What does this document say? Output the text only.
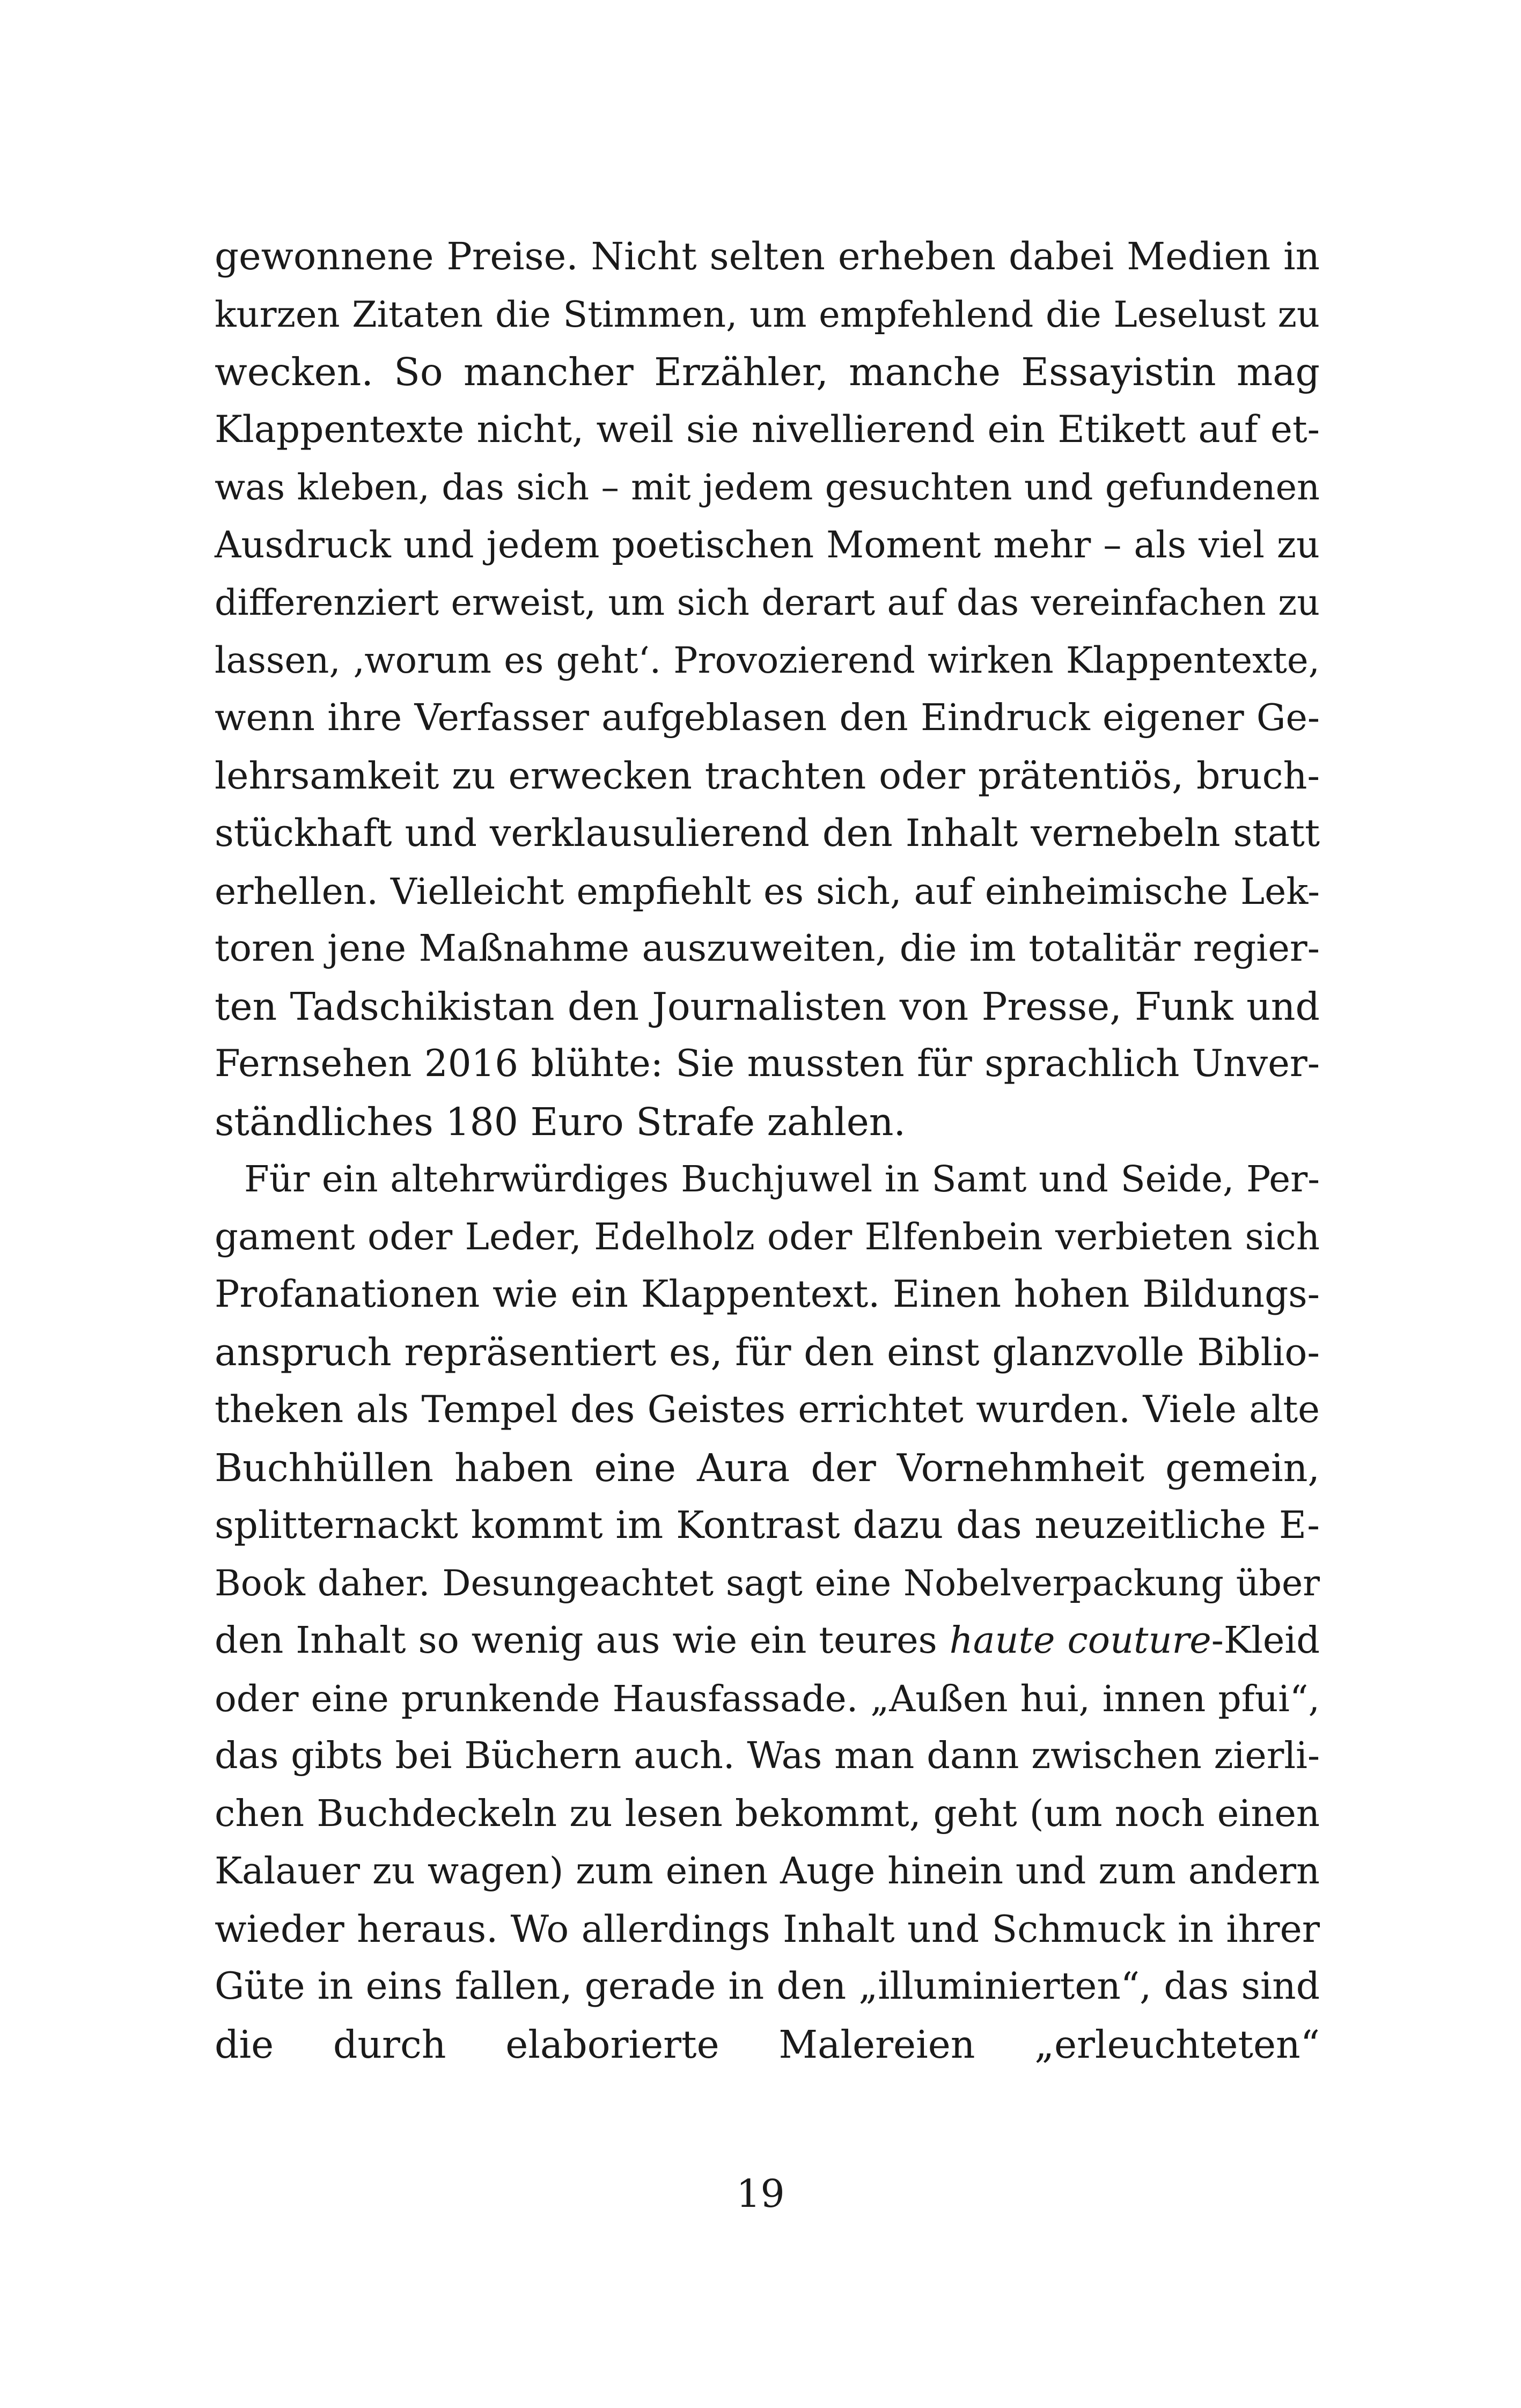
gewonnene Preise. Nicht selten erheben dabei Medien in
kurzen Zitaten die Stimmen, um empfehlend die Leselust zu
wecken. So mancher Erzähler, manche Essayistin mag
Klappentexte nicht, weil sie nivellierend ein Etikett auf et-
was kleben, das sich – mit jedem gesuchten und gefundenen
Ausdruck und jedem poetischen Moment mehr – als viel zu
differenziert erweist, um sich derart auf das vereinfachen zu
lassen, ‚worum es geht‘. Provozierend wirken Klappentexte,
wenn ihre Verfasser aufgeblasen den Eindruck eigener Ge-
lehrsamkeit zu erwecken trachten oder prätentiös, bruch-
stückhaft und verklausulierend den Inhalt vernebeln statt
erhellen. Vielleicht empfiehlt es sich, auf einheimische Lek-
toren jene Maßnahme auszuweiten, die im totalitär regier-
ten Tadschikistan den Journalisten von Presse, Funk und
Fernsehen 2016 blühte: Sie mussten für sprachlich Unver-
ständliches 180 Euro Strafe zahlen.
Für ein altehrwürdiges Buchjuwel in Samt und Seide, Per-
gament oder Leder, Edelholz oder Elfenbein verbieten sich
Profanationen wie ein Klappentext. Einen hohen Bildungs-
anspruch repräsentiert es, für den einst glanzvolle Biblio-
theken als Tempel des Geistes errichtet wurden. Viele alte
Buchhüllen haben eine Aura der Vornehmheit gemein,
splitternackt kommt im Kontrast dazu das neuzeitliche E-
Book daher. Desungeachtet sagt eine Nobelverpackung über
den Inhalt so wenig aus wie ein teures haute couture-Kleid
oder eine prunkende Hausfassade. „Außen hui, innen pfui“,
das gibts bei Büchern auch. Was man dann zwischen zierli-
chen Buchdeckeln zu lesen bekommt, geht (um noch einen
Kalauer zu wagen) zum einen Auge hinein und zum andern
wieder heraus. Wo allerdings Inhalt und Schmuck in ihrer
Güte in eins fallen, gerade in den „illuminierten“, das sind
die durch elaborierte Malereien „erleuchteten“
19
